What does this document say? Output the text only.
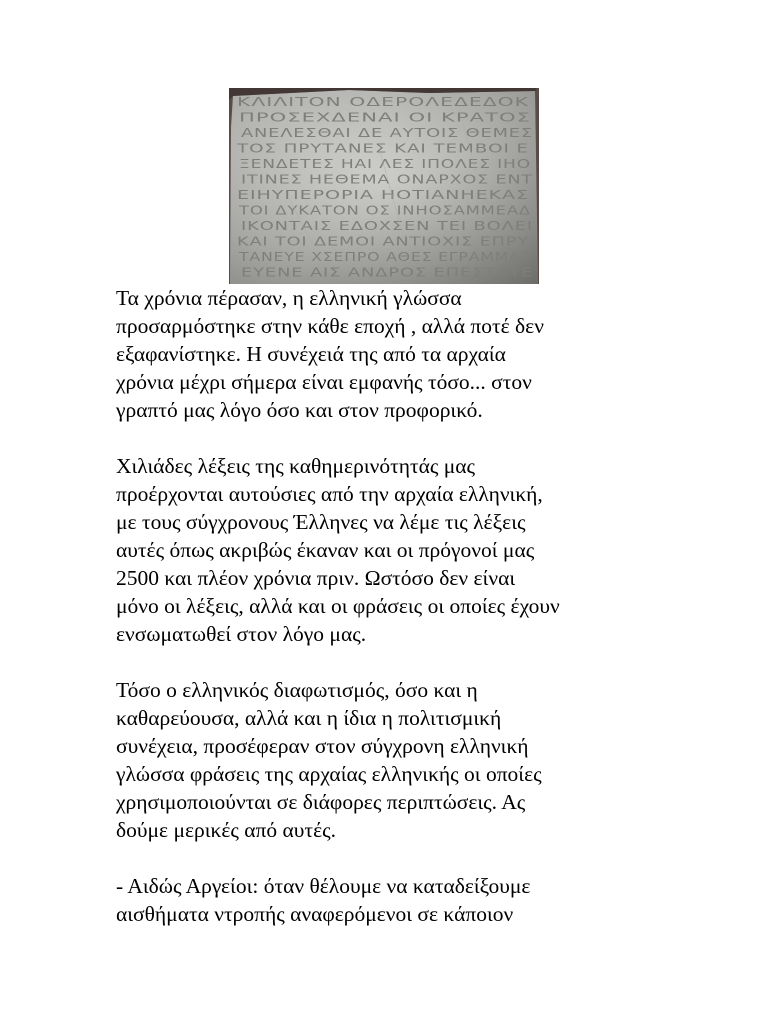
ΚΛΙΛΙΤΟΝ ΟΔΕΡΟΛΕΔΕΔΟΚ
ΠΡΟΣΕΧΔΕΝΑΙ ΟΙ ΚΡΑΤΟΣ
ΑΝΕΛΕΣΘΑΙ ΔΕ ΑΥΤΟΙΣ ΘΕΜΕΣ
ΤΟΣ ΠΡΥΤΑΝΕΣ ΚΑΙ ΤΕΜΒΟΙ Ε
ΞΕΝΔΕΤΕΣ ΗΑΙ ΛΕΣ ΙΠΟΛΕΣ ΙΗΟ
ΙΤΙΝΕΣ ΗΕΘΕΜΑ ΟΝΑΡΧΟΣ ΕΝΤ
ΕΙΗΥΠΕΡΟΡΙΑ ΗΟΤΙΑΝΗΕΚΑΣ
ΤΟΙ ΔΥΚΑΤΟΝ ΟΣ ΙΝΗΟΣΑΜΜΕΑΔ
ΙΚΟΝΤΑΙΣ ΕΔΟΧΣΕΝ ΤΕΙ ΒΟΛΕΙ
ΚΑΙ ΤΟΙ ΔΕΜΟΙ ΑΝΤΙΟΧΙΣ ΕΠΡΥ
ΤΑΝΕΥΕ ΧΣΕΠΡΟ ΑΘΕΣ ΕΓΡΑΜΜΑΤ
ΕΥΕΝΕ ΑΙΣ ΑΝΔΡΟΣ ΕΠΕΣΤΑΤΕ

Τα χρόνια πέρασαν, η ελληνική γλώσσα
προσαρμόστηκε στην κάθε εποχή , αλλά ποτέ δεν
εξαφανίστηκε. Η συνέχειά της από τα αρχαία
χρόνια μέχρι σήμερα είναι εμφανής τόσο... στον
γραπτό μας λόγο όσο και στον προφορικό.

Χιλιάδες λέξεις της καθημερινότητάς μας
προέρχονται αυτούσιες από την αρχαία ελληνική,
με τους σύγχρονους Έλληνες να λέμε τις λέξεις
αυτές όπως ακριβώς έκαναν και οι πρόγονοί μας
2500 και πλέον χρόνια πριν. Ωστόσο δεν είναι
μόνο οι λέξεις, αλλά και οι φράσεις οι οποίες έχουν
ενσωματωθεί στον λόγο μας.

Τόσο ο ελληνικός διαφωτισμός, όσο και η
καθαρεύουσα, αλλά και η ίδια η πολιτισμική
συνέχεια, προσέφεραν στον σύγχρονη ελληνική
γλώσσα φράσεις της αρχαίας ελληνικής οι οποίες
χρησιμοποιούνται σε διάφορες περιπτώσεις. Ας
δούμε μερικές από αυτές.

- Αιδώς Αργείοι: όταν θέλουμε να καταδείξουμε
αισθήματα ντροπής αναφερόμενοι σε κάποιον
